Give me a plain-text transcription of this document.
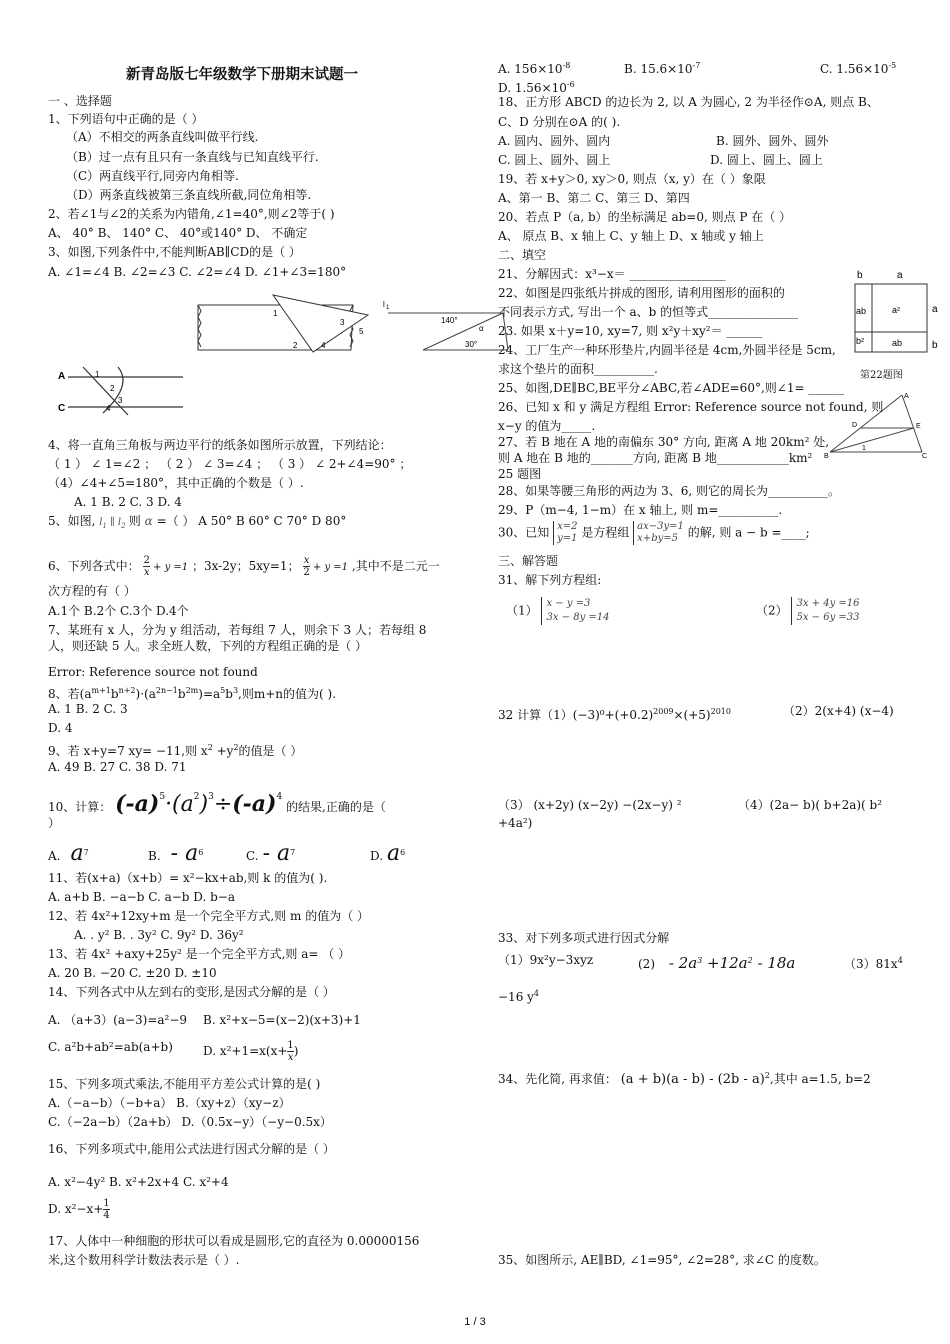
新青岛版七年级数学下册期末试题一
一 、选择题
1、下列语句中正确的是（ ）
（A）不相交的两条直线叫做平行线.
（B）过一点有且只有一条直线与已知直线平行.
（C）两直线平行,同旁内角相等.
（D）两条直线被第三条直线所截,同位角相等.
2、若∠1与∠2的关系为内错角,∠1=40°,则∠2等于( )
A、 40° B、 140° C、 40°或140° D、 不确定
3、如图,下列条件中,不能判断AB∥CD的是（ ）
A. ∠1=∠4 B. ∠2=∠3 C. ∠2=∠4 D. ∠1+∠3=180°
1
3
5
2	4
l 1
140°
α
30°
A
C
1
2
3
4
4、将一直角三角板与两边平行的纸条如图所示放置，下列结论：
（ 1 ） ∠ 1=∠2 ； （ 2 ） ∠ 3=∠4 ； （ 3 ） ∠ 2+∠4=90° ；
（4）∠4+∠5=180°，其中正确的个数是（ ）.
A. 1 B. 2 C. 3 D. 4
5、如图, $l_1$ ∥ $l_2$ 则 α =（ ） A 50° B 60° C 70° D 80°
6、下列各式中： $\frac{2}{x} + y =1$ ；3x-2y；5xy=1； $\frac{x}{2} + y =1$ ,其中不是二元一
次方程的有（ ）
A.1个 B.2个 C.3个 D.4个
7、某班有 x 人，分为 y 组活动，若每组 7 人，则余下 3 人；若每组 8
人，则还缺 5 人。求全班人数，下列的方程组正确的是（ ）
Error: Reference source not found
8、若$(a^{m+1}b^{n+2})\cdot(a^{2n-1}b^{2m})=a^5b^3$,则m+n的值为( ).
A. 1 B. 2 C. 3
D. 4
9、若 x+y=7 xy= −11,则 $x^2 +y^2$的值是（ ）
A. 49 B. 27 C. 38 D. 71
10、计算： $(-a)^5\cdot(a^2)^3\div(-a)^4$ 的结果,正确的是（
）
A. $a^7$	B. - $a^6$	C. - $a^7$	D. $a^6$
11、若(x+a)（x+b）= x²−kx+ab,则 k 的值为( ).
A. a+b B. −a−b C. a−b D. b−a
12、若 4x²+12xy+m 是一个完全平方式,则 m 的值为（ ）
A. . y² B. . 3y² C. 9y² D. 36y²
13、若 4x² +axy+25y² 是一个完全平方式,则 a= （ ）
A. 20 B. −20 C. ±20 D. ±10
14、下列各式中从左到右的变形,是因式分解的是（ ）
A. （a+3）(a−3)=a²−9 B. x²+x−5=(x−2)(x+3)+1
C. a²b+ab²=ab(a+b)	D. $x^2+1=x(x+ \frac{1}{x}$ )
15、下列多项式乘法,不能用平方差公式计算的是( )
A.（−a−b）（−b+a） B.（xy+z）（xy−z）
C.（−2a−b）（2a+b） D.（0.5x−y）（−y−0.5x）
16、下列多项式中,能用公式法进行因式分解的是（ ）
A. x²−4y² B. x²+2x+4 C. x²+4
D. $x^2-x+ \frac{1}{4}$
17、人体中一种细胞的形状可以看成是圆形,它的直径为 0.00000156
米,这个数用科学计数法表示是（ ）.
A. $156\times 10^{-8}$	B. $15.6\times 10^{-7}$	C. $1.56\times 10^{-5}$
D. $1.56\times 10^{-6}$
18、正方形 ABCD 的边长为 2, 以 A 为圆心, 2 为半径作⊙A, 则点 B、
C、D 分别在⊙A 的( ).
A. 圆内、圆外、圆内	B. 圆外、圆外、圆外
C. 圆上、圆外、圆上	D. 圆上、圆上、圆上
19、若 x+y＞0, xy＞0, 则点（x, y）在（ ）象限
A、第一 B、第二 C、第三 D、第四
20、若点 P（a, b）的坐标满足 ab=0, 则点 P 在（ ）
A、 原点 B、x 轴上 C、y 轴上 D、x 轴或 y 轴上
二、填空
21、分解因式：x³−x＝ ________________
22、如图是四张纸片拼成的图形, 请利用图形的面积的
不同表示方式, 写出一个 a、b 的恒等式_______________
23. 如果 x＋y=10, xy=7, 则 x²y＋xy²＝ ______
24、工厂生产一种环形垫片,内圆半径是 4cm,外圆半径是 5cm,
求这个垫片的面积__________.
b	a
ab	a²
b²	ab
a
b
第22题图
A
D	E
B	C
1
25、如图,DE∥BC,BE平分∠ABC,若∠ADE=60°,则∠1= ______
26、已知 x 和 y 满足方程组 Error: Reference source not found, 则
x−y 的值为_____.
27、若 B 地在 A 地的南偏东 30° 方向, 距离 A 地 20km² 处,
则 A 地在 B 地的_______方向, 距离 B 地____________km²
25 题图
28、如果等腰三角形的两边为 3、6, 则它的周长为__________。
29、P（m−4, 1−m）在 x 轴上, 则 m=__________.
30、已知 x=2
y=1 是方程组 ax−3y=1
x+by=5 的解, 则 a − b =____;
三、解答题
31、解下列方程组:
（1） x − y =3
3x − 8y =14	（2） 3x + 4y =16
5x − 6y =33
32 计算$(1)(-3)^0+(+0.2)^{2009}\times(+5)^{2010}$	（2）2(x+4) (x−4)
（3） (x+2y) (x−2y) −(2x−y) ²	（4）(2a− b)( b+2a)( b²
+4a²)
33、对下列多项式进行因式分解
（1）9x²y−3xyz	$(2) - 2a^3 +12a^2 - 18a$	$(3)81x^4$
−16 $y^4$
34、先化简, 再求值： (a + b)(a - b) - (2b - a)$^2$,其中 a=1.5, b=2
35、如图所示, AE∥BD, ∠1=95°, ∠2=28°, 求∠C 的度数。
1 / 3
